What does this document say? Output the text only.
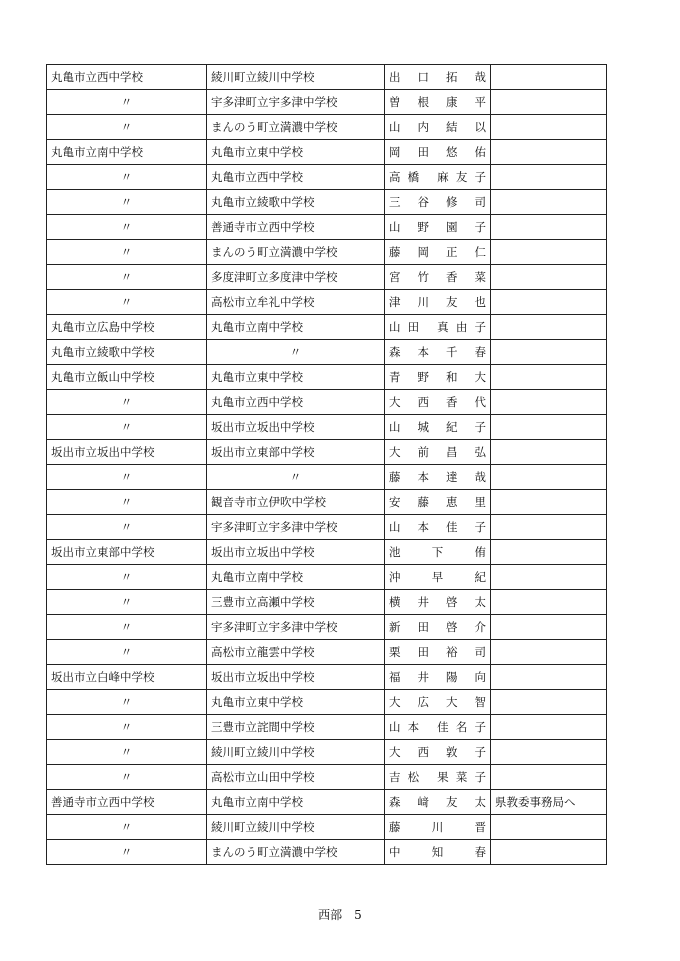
丸亀市立西中学校	綾川町立綾川中学校	出 口 拓 哉	
〃	宇多津町立宇多津中学校	曽 根 康 平	
〃	まんのう町立満濃中学校	山 内 結 以	
丸亀市立南中学校	丸亀市立東中学校	岡 田 悠 佑	
〃	丸亀市立西中学校	高橋 麻友子	
〃	丸亀市立綾歌中学校	三 谷 修 司	
〃	善通寺市立西中学校	山 野 園 子	
〃	まんのう町立満濃中学校	藤 岡 正 仁	
〃	多度津町立多度津中学校	宮 竹 香 菜	
〃	高松市立牟礼中学校	津 川 友 也	
丸亀市立広島中学校	丸亀市立南中学校	山田 真由子	
丸亀市立綾歌中学校	〃	森 本 千 春	
丸亀市立飯山中学校	丸亀市立東中学校	青 野 和 大	
〃	丸亀市立西中学校	大 西 香 代	
〃	坂出市立坂出中学校	山 城 紀 子	
坂出市立坂出中学校	坂出市立東部中学校	大 前 昌 弘	
〃	〃	藤 本 達 哉	
〃	観音寺市立伊吹中学校	安 藤 恵 里	
〃	宇多津町立宇多津中学校	山 本 佳 子	
坂出市立東部中学校	坂出市立坂出中学校	池 下 侑	
〃	丸亀市立南中学校	沖 早 紀	
〃	三豊市立高瀬中学校	横 井 啓 太	
〃	宇多津町立宇多津中学校	新 田 啓 介	
〃	高松市立龍雲中学校	栗 田 裕 司	
坂出市立白峰中学校	坂出市立坂出中学校	福 井 陽 向	
〃	丸亀市立東中学校	大 広 大 智	
〃	三豊市立詫間中学校	山本 佳名子	
〃	綾川町立綾川中学校	大 西 敦 子	
〃	高松市立山田中学校	吉松 果菜子	
善通寺市立西中学校	丸亀市立南中学校	森 﨑 友 太	県教委事務局へ
〃	綾川町立綾川中学校	藤 川 晋	
〃	まんのう町立満濃中学校	中 知 春	
西部　5
